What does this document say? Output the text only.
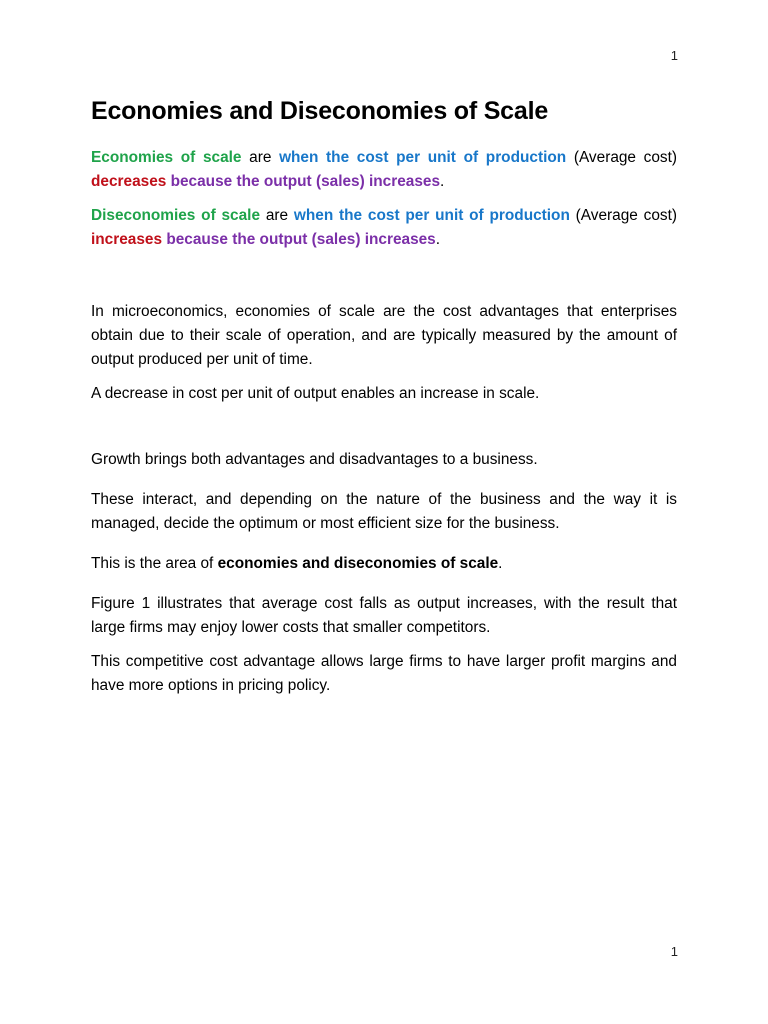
1
Economies and Diseconomies of Scale

Economies of scale are when the cost per unit of production (Average cost) decreases because the output (sales) increases.

Diseconomies of scale are when the cost per unit of production (Average cost) increases because the output (sales) increases.

In microeconomics, economies of scale are the cost advantages that enterprises obtain due to their scale of operation, and are typically measured by the amount of output produced per unit of time.

A decrease in cost per unit of output enables an increase in scale.

Growth brings both advantages and disadvantages to a business.

These interact, and depending on the nature of the business and the way it is managed, decide the optimum or most efficient size for the business.

This is the area of economies and diseconomies of scale.

Figure 1 illustrates that average cost falls as output increases, with the result that large firms may enjoy lower costs that smaller competitors.

This competitive cost advantage allows large firms to have larger profit margins and have more options in pricing policy.

1
